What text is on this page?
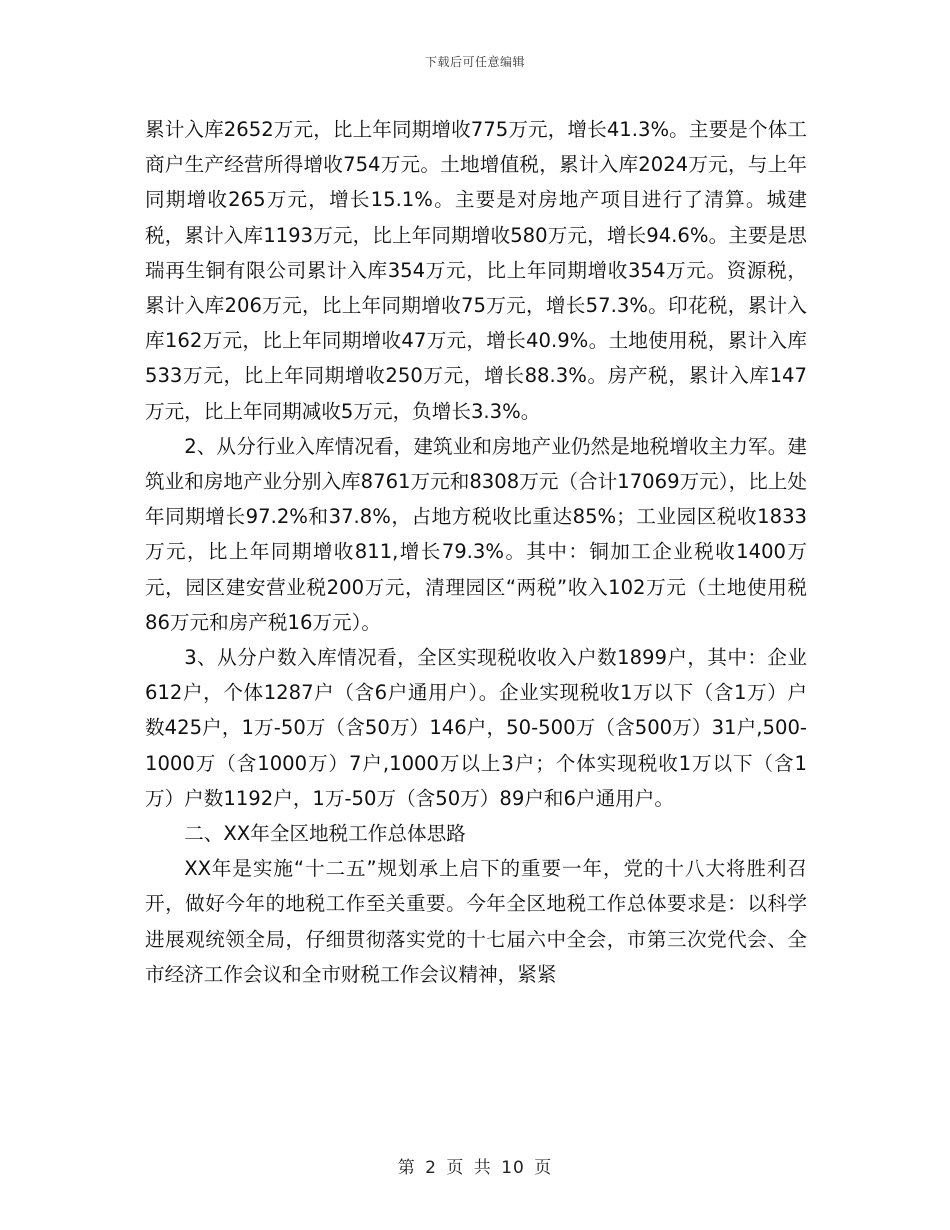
下载后可任意编辑

累计入库2652万元，比上年同期增收775万元，增长41.3%。主要是个体工商户生产经营所得增收754万元。土地增值税，累计入库2024万元，与上年同期增收265万元，增长15.1%。主要是对房地产项目进行了清算。城建税，累计入库1193万元，比上年同期增收580万元，增长94.6%。主要是思瑞再生铜有限公司累计入库354万元，比上年同期增收354万元。资源税，累计入库206万元，比上年同期增收75万元，增长57.3%。印花税，累计入库162万元，比上年同期增收47万元，增长40.9%。土地使用税，累计入库533万元，比上年同期增收250万元，增长88.3%。房产税，累计入库147万元，比上年同期减收5万元，负增长3.3%。

2、从分行业入库情况看，建筑业和房地产业仍然是地税增收主力军。建筑业和房地产业分别入库8761万元和8308万元（合计17069万元），比上处年同期增长97.2%和37.8%，占地方税收比重达85%；工业园区税收1833万元，比上年同期增收811,增长79.3%。其中：铜加工企业税收1400万元，园区建安营业税200万元，清理园区“两税”收入102万元（土地使用税86万元和房产税16万元）。

3、从分户数入库情况看，全区实现税收收入户数1899户，其中：企业612户，个体1287户（含6户通用户）。企业实现税收1万以下（含1万）户数425户，1万-50万（含50万）146户，50-500万（含500万）31户,500-1000万（含1000万）7户,1000万以上3户；个体实现税收1万以下（含1万）户数1192户，1万-50万（含50万）89户和6户通用户。

二、XX年全区地税工作总体思路

XX年是实施“十二五”规划承上启下的重要一年，党的十八大将胜利召开，做好今年的地税工作至关重要。今年全区地税工作总体要求是：以科学进展观统领全局，仔细贯彻落实党的十七届六中全会，市第三次党代会、全市经济工作会议和全市财税工作会议精神，紧紧

第 2 页 共 10 页
